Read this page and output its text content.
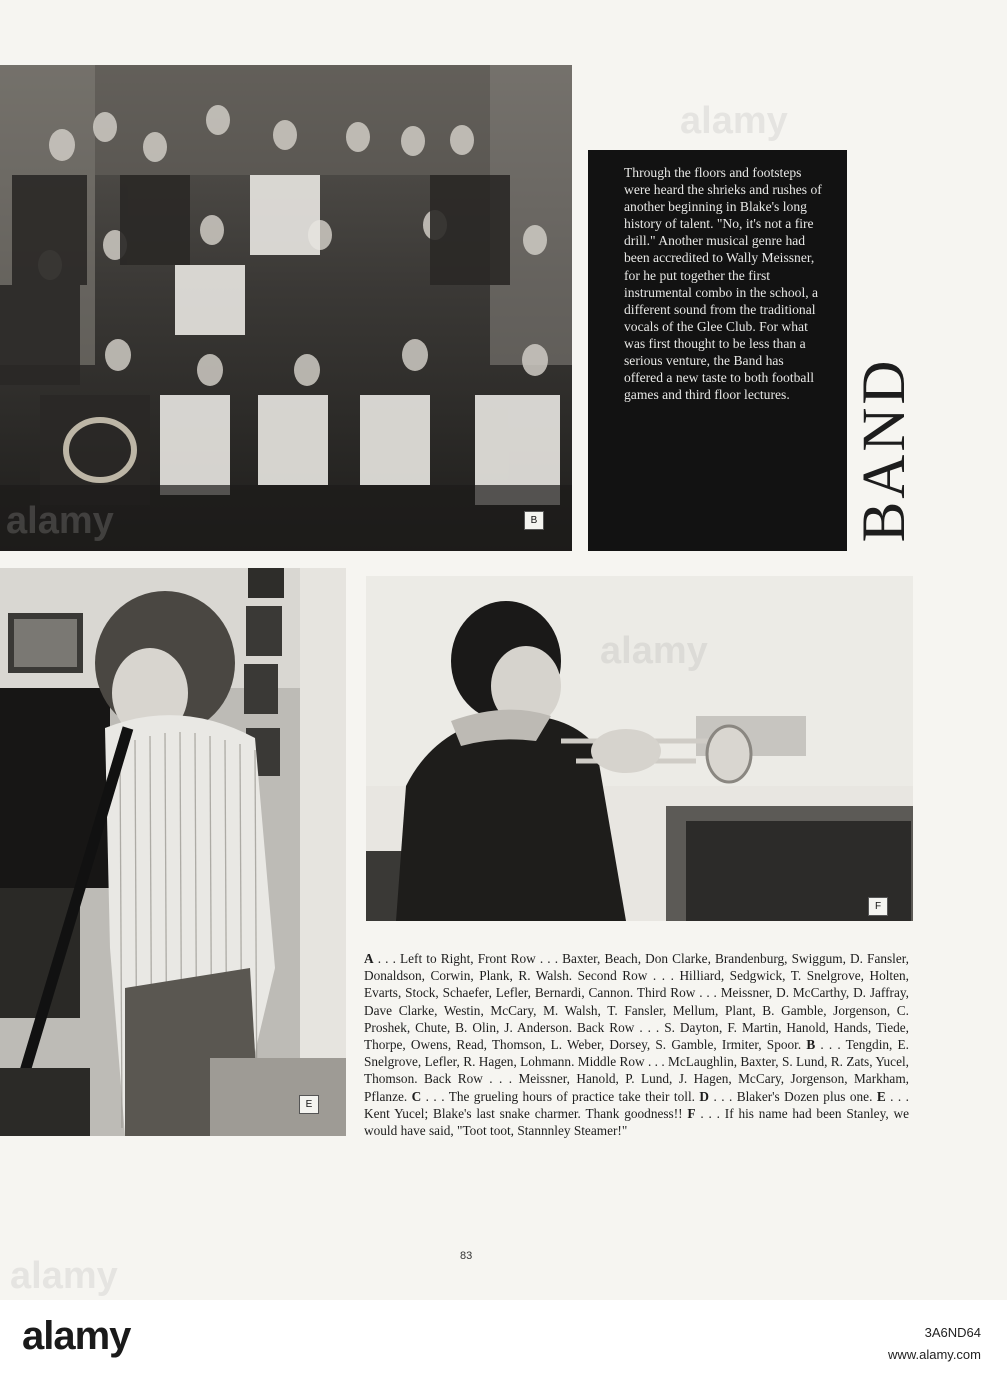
B

Through the floors and footsteps were heard the shrieks and rushes of another beginning in Blake's long history of talent. "No, it's not a fire drill." Another musical genre had been accredited to Wally Meissner, for he put together the first instrumental combo in the school, a different sound from the traditional vocals of the Glee Club. For what was first thought to be less than a serious venture, the Band has offered a new taste to both football games and third floor lectures.	BAND
E
F
A . . . Left to Right, Front Row . . . Baxter, Beach, Don Clarke, Brandenburg, Swiggum, D. Fansler, Donaldson, Corwin, Plank, R. Walsh. Second Row . . . Hilliard, Sedgwick, T. Snelgrove, Holten, Evarts, Stock, Schaefer, Lefler, Bernardi, Cannon. Third Row . . . Meissner, D. McCarthy, D. Jaffray, Dave Clarke, Westin, McCary, M. Walsh, T. Fansler, Mellum, Plant, B. Gamble, Jorgenson, C. Proshek, Chute, B. Olin, J. Anderson. Back Row . . . S. Dayton, F. Martin, Hanold, Hands, Tiede, Thorpe, Owens, Read, Thomson, L. Weber, Dorsey, S. Gamble, Irmiter, Spoor. B . . . Tengdin, E. Snelgrove, Lefler, R. Hagen, Lohmann. Middle Row . . . McLaughlin, Baxter, S. Lund, R. Zats, Yucel, Thomson. Back Row . . . Meissner, Hanold, P. Lund, J. Hagen, McCary, Jorgenson, Markham, Pflanze. C . . . The grueling hours of practice take their toll. D . . . Blaker's Dozen plus one. E . . . Kent Yucel; Blake's last snake charmer. Thank goodness!! F . . . If his name had been Stanley, we would have said, "Toot toot, Stannnley Steamer!"
83
alamy
alamy
alamy
alamy
alamy	3A6ND64
www.alamy.com
